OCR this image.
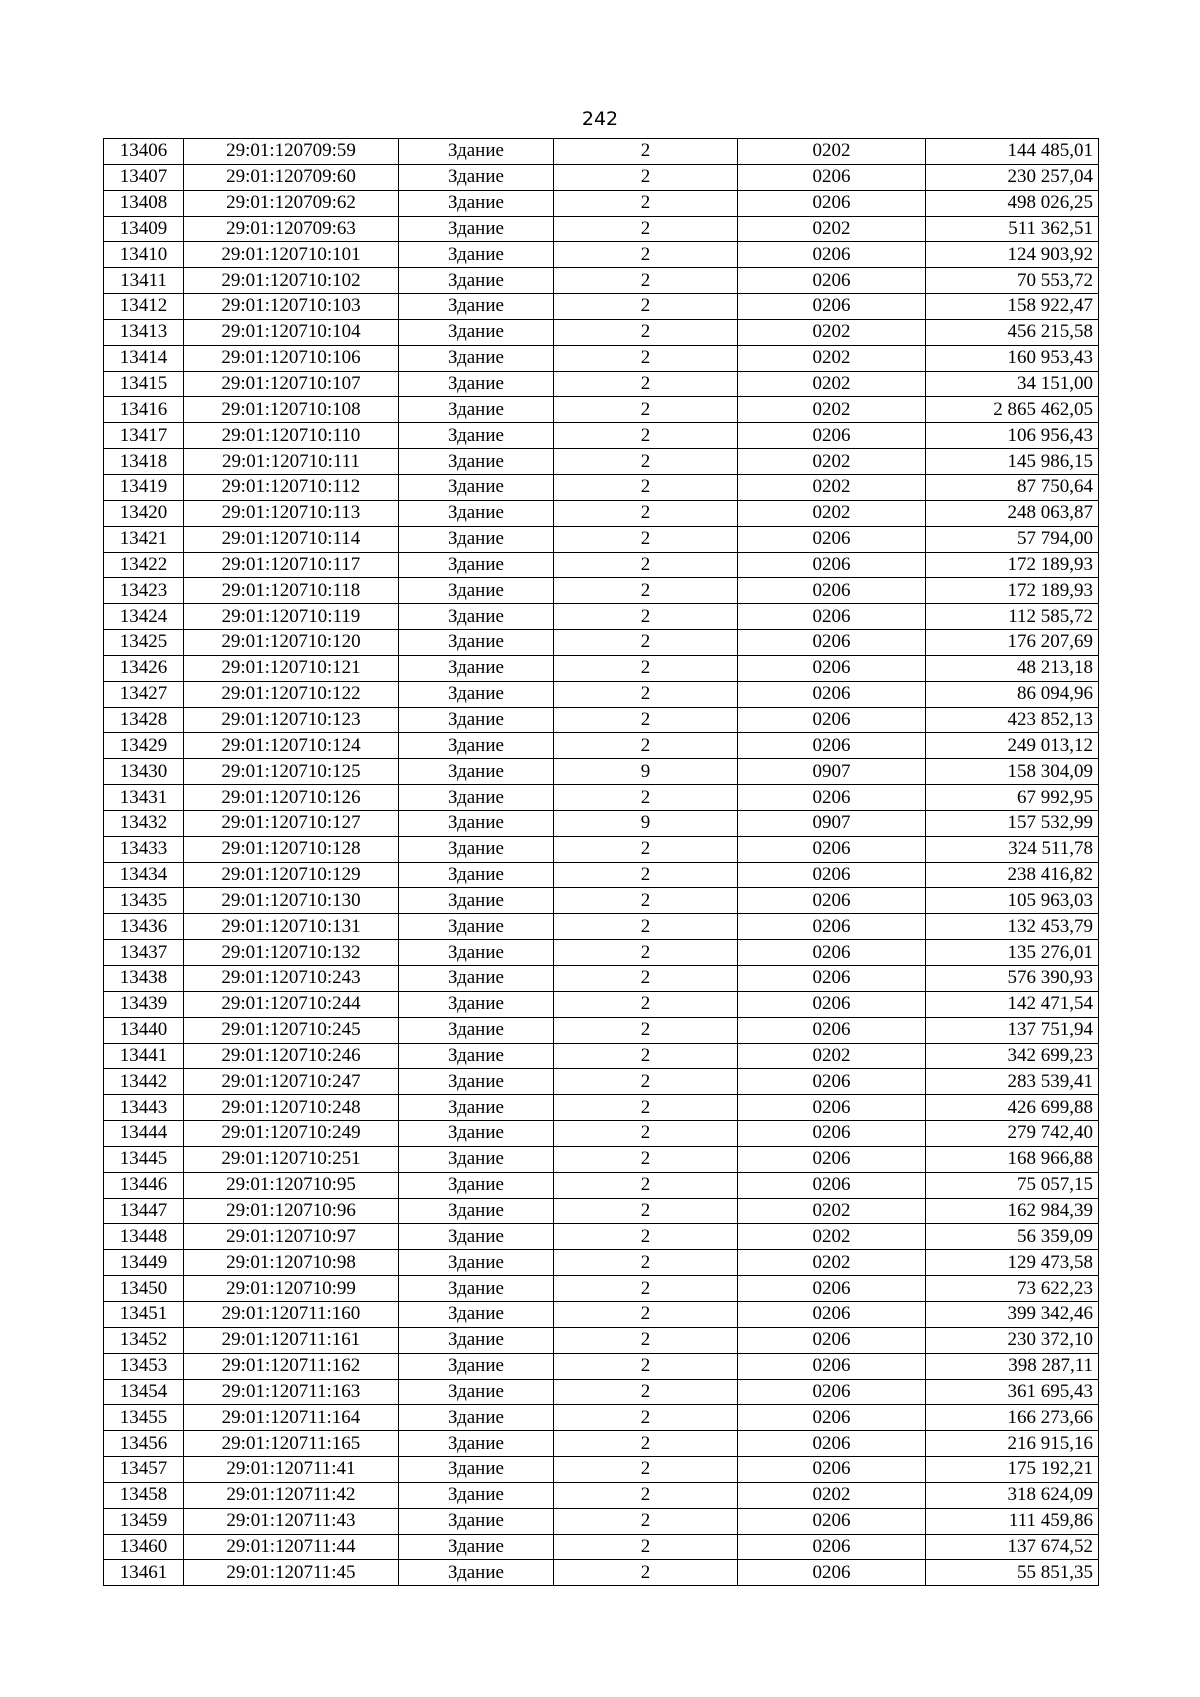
242
13406	29:01:120709:59	Здание	2	0202	144 485,01
13407	29:01:120709:60	Здание	2	0206	230 257,04
13408	29:01:120709:62	Здание	2	0206	498 026,25
13409	29:01:120709:63	Здание	2	0202	511 362,51
13410	29:01:120710:101	Здание	2	0206	124 903,92
13411	29:01:120710:102	Здание	2	0206	70 553,72
13412	29:01:120710:103	Здание	2	0206	158 922,47
13413	29:01:120710:104	Здание	2	0202	456 215,58
13414	29:01:120710:106	Здание	2	0202	160 953,43
13415	29:01:120710:107	Здание	2	0202	34 151,00
13416	29:01:120710:108	Здание	2	0202	2 865 462,05
13417	29:01:120710:110	Здание	2	0206	106 956,43
13418	29:01:120710:111	Здание	2	0202	145 986,15
13419	29:01:120710:112	Здание	2	0202	87 750,64
13420	29:01:120710:113	Здание	2	0202	248 063,87
13421	29:01:120710:114	Здание	2	0206	57 794,00
13422	29:01:120710:117	Здание	2	0206	172 189,93
13423	29:01:120710:118	Здание	2	0206	172 189,93
13424	29:01:120710:119	Здание	2	0206	112 585,72
13425	29:01:120710:120	Здание	2	0206	176 207,69
13426	29:01:120710:121	Здание	2	0206	48 213,18
13427	29:01:120710:122	Здание	2	0206	86 094,96
13428	29:01:120710:123	Здание	2	0206	423 852,13
13429	29:01:120710:124	Здание	2	0206	249 013,12
13430	29:01:120710:125	Здание	9	0907	158 304,09
13431	29:01:120710:126	Здание	2	0206	67 992,95
13432	29:01:120710:127	Здание	9	0907	157 532,99
13433	29:01:120710:128	Здание	2	0206	324 511,78
13434	29:01:120710:129	Здание	2	0206	238 416,82
13435	29:01:120710:130	Здание	2	0206	105 963,03
13436	29:01:120710:131	Здание	2	0206	132 453,79
13437	29:01:120710:132	Здание	2	0206	135 276,01
13438	29:01:120710:243	Здание	2	0206	576 390,93
13439	29:01:120710:244	Здание	2	0206	142 471,54
13440	29:01:120710:245	Здание	2	0206	137 751,94
13441	29:01:120710:246	Здание	2	0202	342 699,23
13442	29:01:120710:247	Здание	2	0206	283 539,41
13443	29:01:120710:248	Здание	2	0206	426 699,88
13444	29:01:120710:249	Здание	2	0206	279 742,40
13445	29:01:120710:251	Здание	2	0206	168 966,88
13446	29:01:120710:95	Здание	2	0206	75 057,15
13447	29:01:120710:96	Здание	2	0202	162 984,39
13448	29:01:120710:97	Здание	2	0202	56 359,09
13449	29:01:120710:98	Здание	2	0202	129 473,58
13450	29:01:120710:99	Здание	2	0206	73 622,23
13451	29:01:120711:160	Здание	2	0206	399 342,46
13452	29:01:120711:161	Здание	2	0206	230 372,10
13453	29:01:120711:162	Здание	2	0206	398 287,11
13454	29:01:120711:163	Здание	2	0206	361 695,43
13455	29:01:120711:164	Здание	2	0206	166 273,66
13456	29:01:120711:165	Здание	2	0206	216 915,16
13457	29:01:120711:41	Здание	2	0206	175 192,21
13458	29:01:120711:42	Здание	2	0202	318 624,09
13459	29:01:120711:43	Здание	2	0206	111 459,86
13460	29:01:120711:44	Здание	2	0206	137 674,52
13461	29:01:120711:45	Здание	2	0206	55 851,35
